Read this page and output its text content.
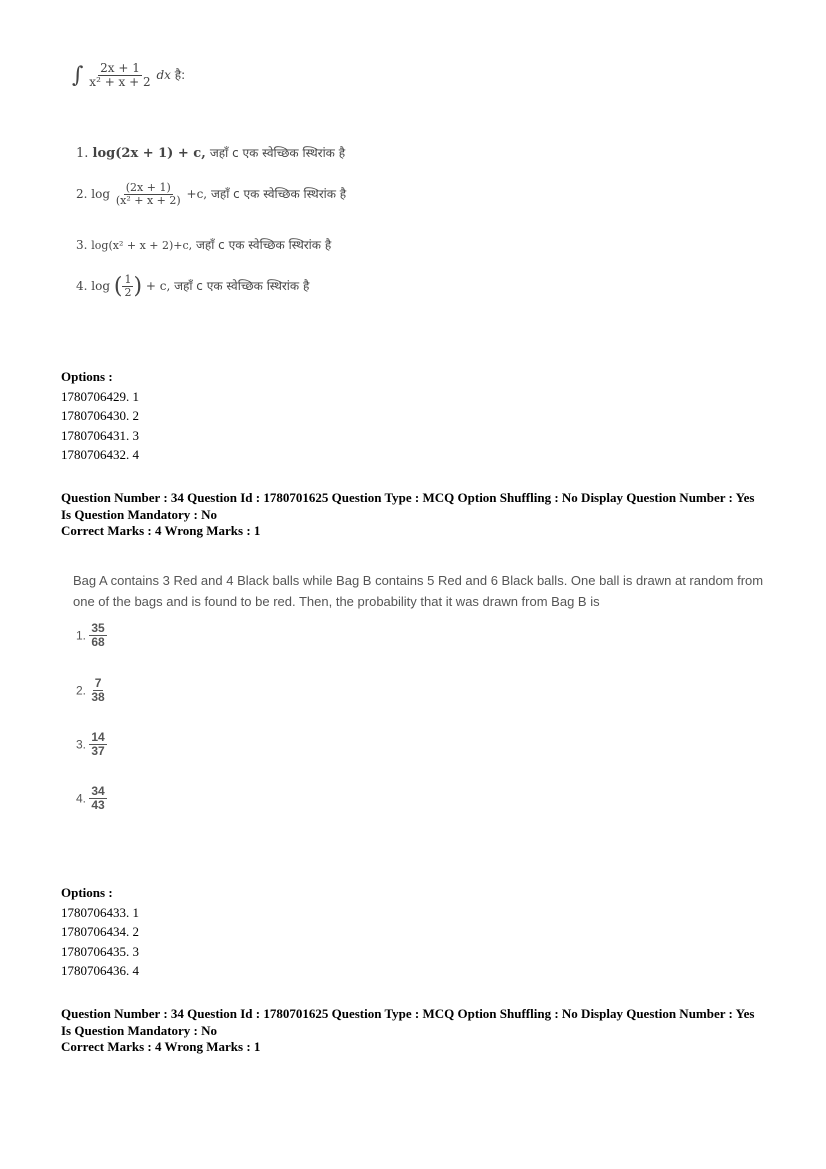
∫ $\frac{2x + 1}{\text{x² + x + 2}}$ dx है:
1. log(2x + 1) + c, जहाँ c एक स्वेच्छिक स्थिरांक है
2. $\log \frac{(2x + 1)}{\text{(x² + x + 2)}} +c$, जहाँ c एक स्वेच्छिक स्थिरांक है
3. log(x² + x + 2)+c, जहाँ c एक स्वेच्छिक स्थिरांक है
4. log ( $\frac{1}{2}$ ) + c, जहाँ c एक स्वेच्छिक स्थिरांक है
Options :
1780706429. 1
1780706430. 2
1780706431. 3
1780706432. 4
Question Number : 34 Question Id : 1780701625 Question Type : MCQ Option Shuffling : No Display Question Number : Yes
Is Question Mandatory : No
Correct Marks : 4 Wrong Marks : 1
Bag A contains 3 Red and 4 Black balls while Bag B contains 5 Red and 6 Black balls. One ball is drawn at random from
one of the bags and is found to be red. Then, the probability that it was drawn from Bag B is
1. $\frac{35}{68}$
2. $\frac{7}{38}$
3. $\frac{14}{37}$
4. $\frac{34}{43}$
Options :
1780706433. 1
1780706434. 2
1780706435. 3
1780706436. 4
Question Number : 34 Question Id : 1780701625 Question Type : MCQ Option Shuffling : No Display Question Number : Yes
Is Question Mandatory : No
Correct Marks : 4 Wrong Marks : 1
